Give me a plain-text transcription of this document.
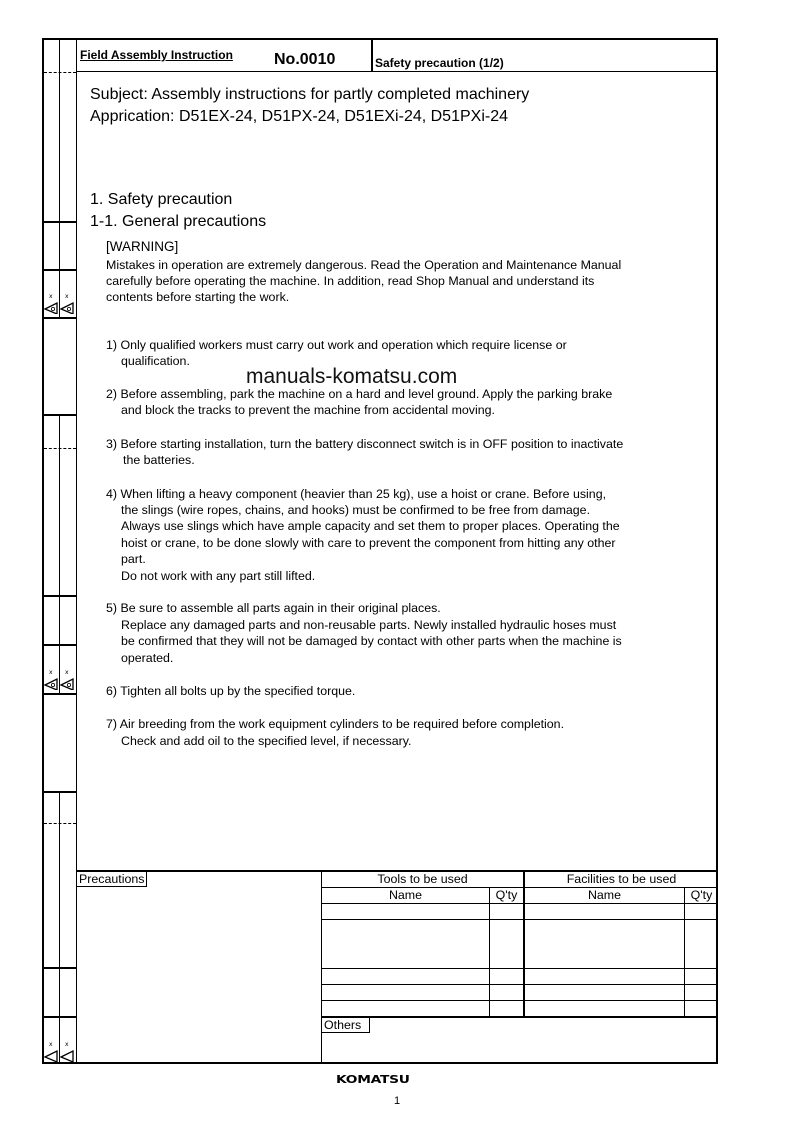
x x
x x
x x
Field Assembly Instruction	No.0010	Safety precaution (1/2)
Subject: Assembly instructions for partly completed machinery
Apprication: D51EX-24, D51PX-24, D51EXi-24, D51PXi-24
1. Safety precaution
1-1. General precautions
[WARNING]
Mistakes in operation are extremely dangerous. Read the Operation and Maintenance Manual
carefully before operating the machine. In addition, read Shop Manual and understand its
contents before starting the work.
1) Only qualified workers must carry out work and operation which require license or
qualification.
manuals-komatsu.com
2) Before assembling, park the machine on a hard and level ground. Apply the parking brake
and block the tracks to prevent the machine from accidental moving.
3) Before starting installation, turn the battery disconnect switch is in OFF position to inactivate
the batteries.
4) When lifting a heavy component (heavier than 25 kg), use a hoist or crane. Before using,
the slings (wire ropes, chains, and hooks) must be confirmed to be free from damage.
Always use slings which have ample capacity and set them to proper places. Operating the
hoist or crane, to be done slowly with care to prevent the component from hitting any other
part.
Do not work with any part still lifted.
5) Be sure to assemble all parts again in their original places.
Replace any damaged parts and non-reusable parts. Newly installed hydraulic hoses must
be confirmed that they will not be damaged by contact with other parts when the machine is
operated.
6) Tighten all bolts up by the specified torque.
7) Air breeding from the work equipment cylinders to be required before completion.
Check and add oil to the specified level, if necessary.
Precautions	Tools to be used	Facilities to be used
Name	Q'ty	Name	Q'ty
Others
KOMATSU
1
